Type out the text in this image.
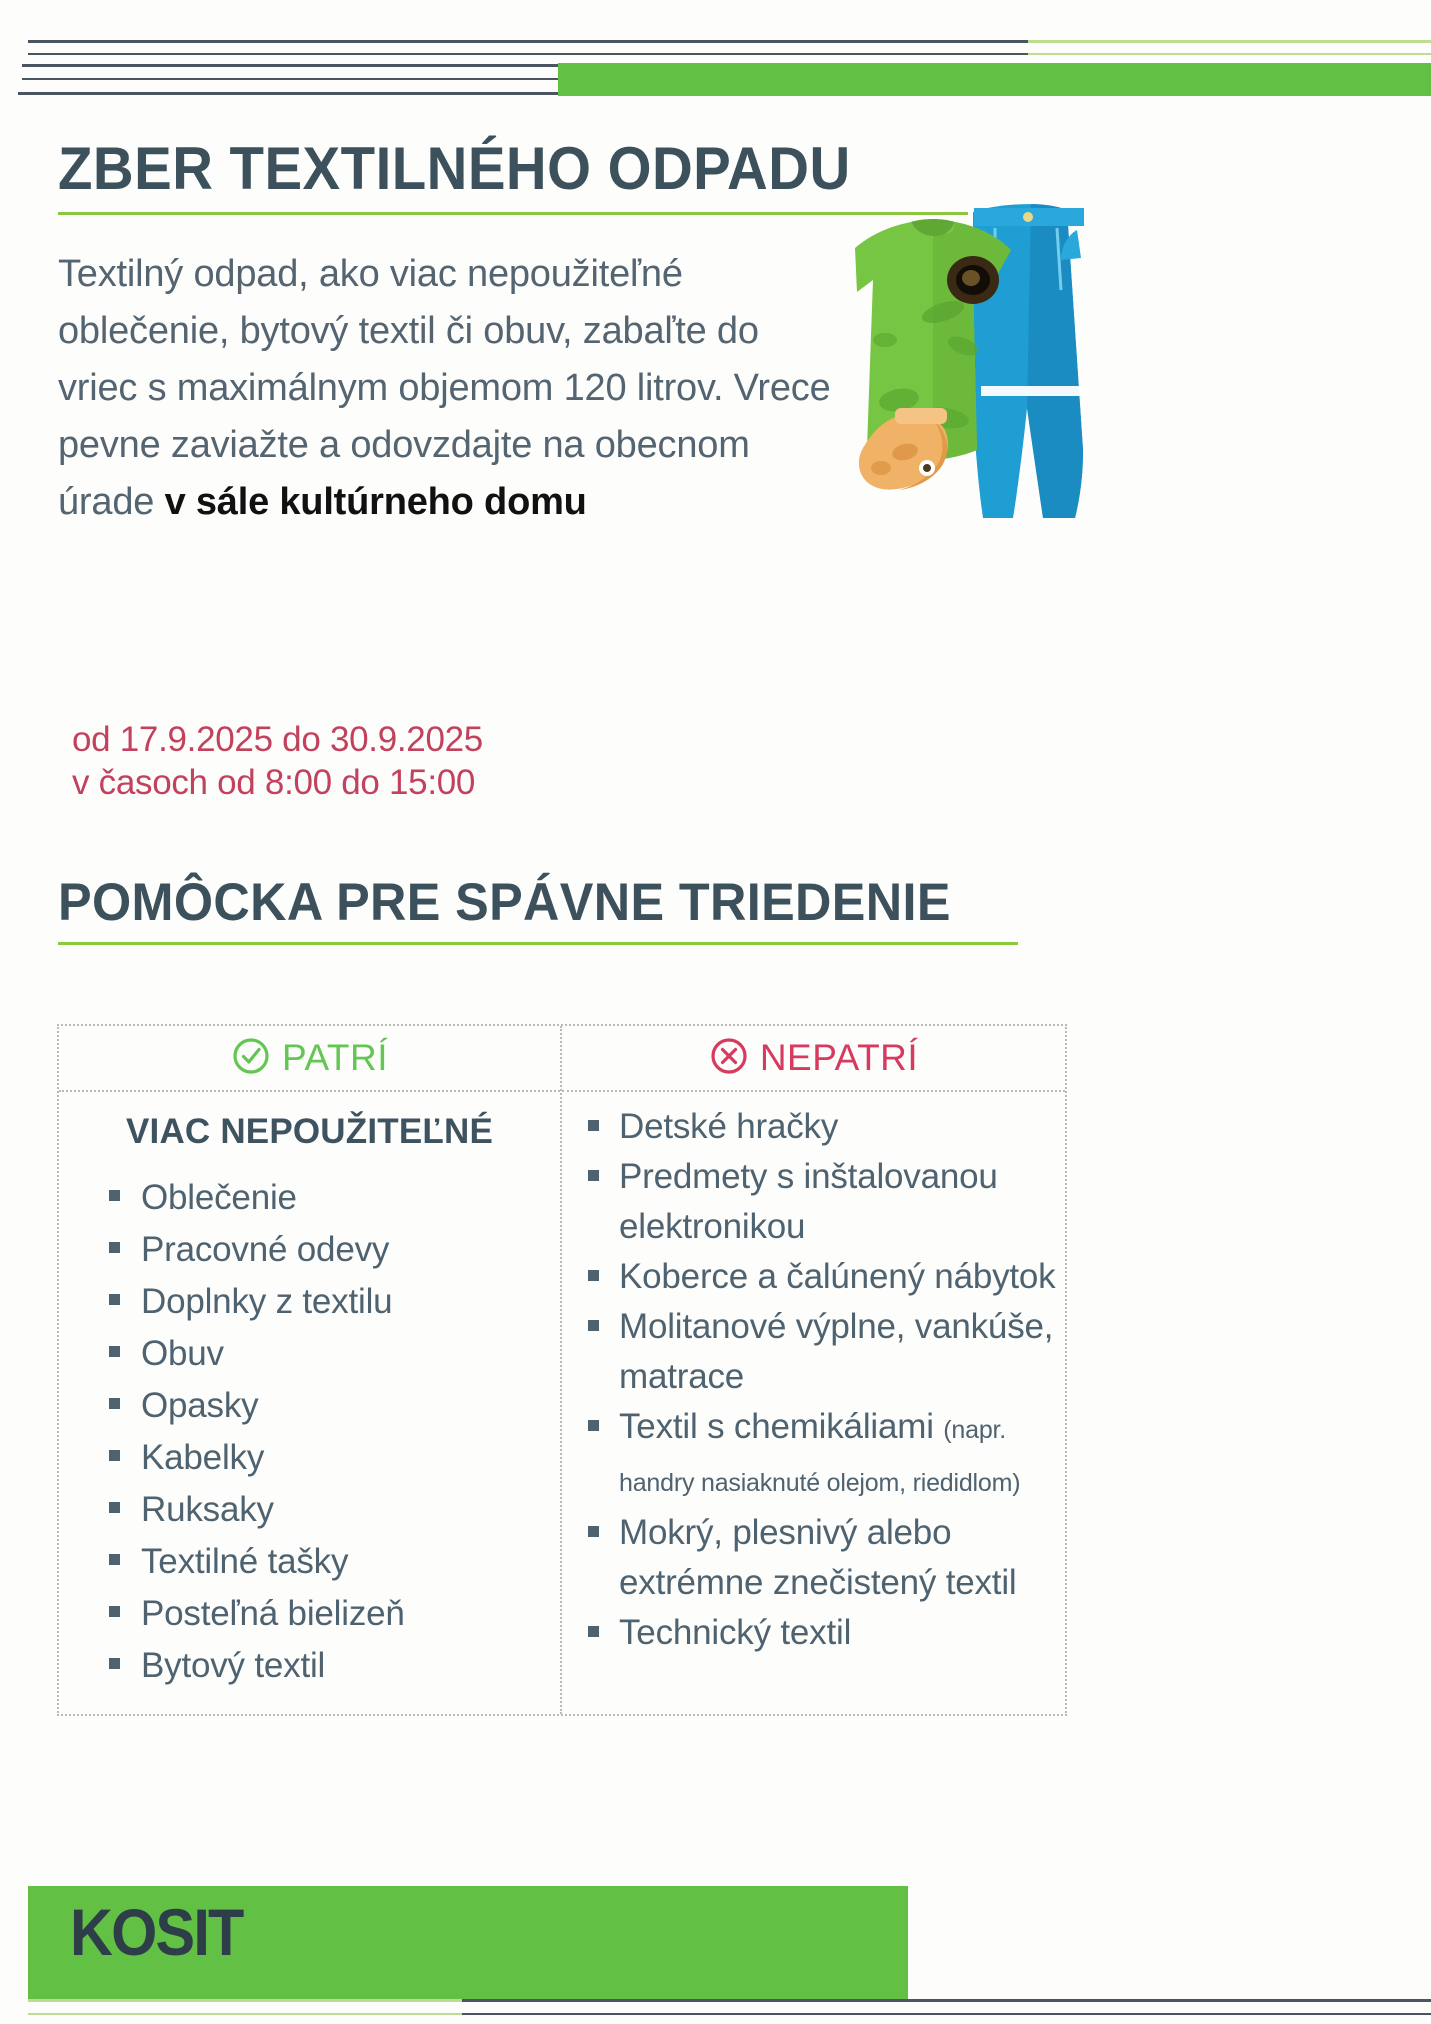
ZBER TEXTILNÉHO ODPADU
Textilný odpad, ako viac nepoužiteľné oblečenie, bytový textil či obuv, zabaľte do vriec s maximálnym objemom 120 litrov. Vrece pevne zaviažte a odovzdajte na obecnom úrade v sále kultúrneho domu
od 17.9.2025 do 30.9.2025
v časoch od 8:00 do 15:00
POMÔCKA PRE SPÁVNE TRIEDENIE
PATRÍ
VIAC NEPOUŽITEĽNÉ
Oblečenie
Pracovné odevy
Doplnky z textilu
Obuv
Opasky
Kabelky
Ruksaky
Textilné tašky
Posteľná bielizeň
Bytový textil
NEPATRÍ
Detské hračky
Predmety s inštalovanou elektronikou
Koberce a čalúnený nábytok
Molitanové výplne, vankúše, matrace
Textil s chemikáliami (napr. handry nasiaknuté olejom, riedidlom)
Mokrý, plesnivý alebo extrémne znečistený textil
Technický textil
KOSIT
